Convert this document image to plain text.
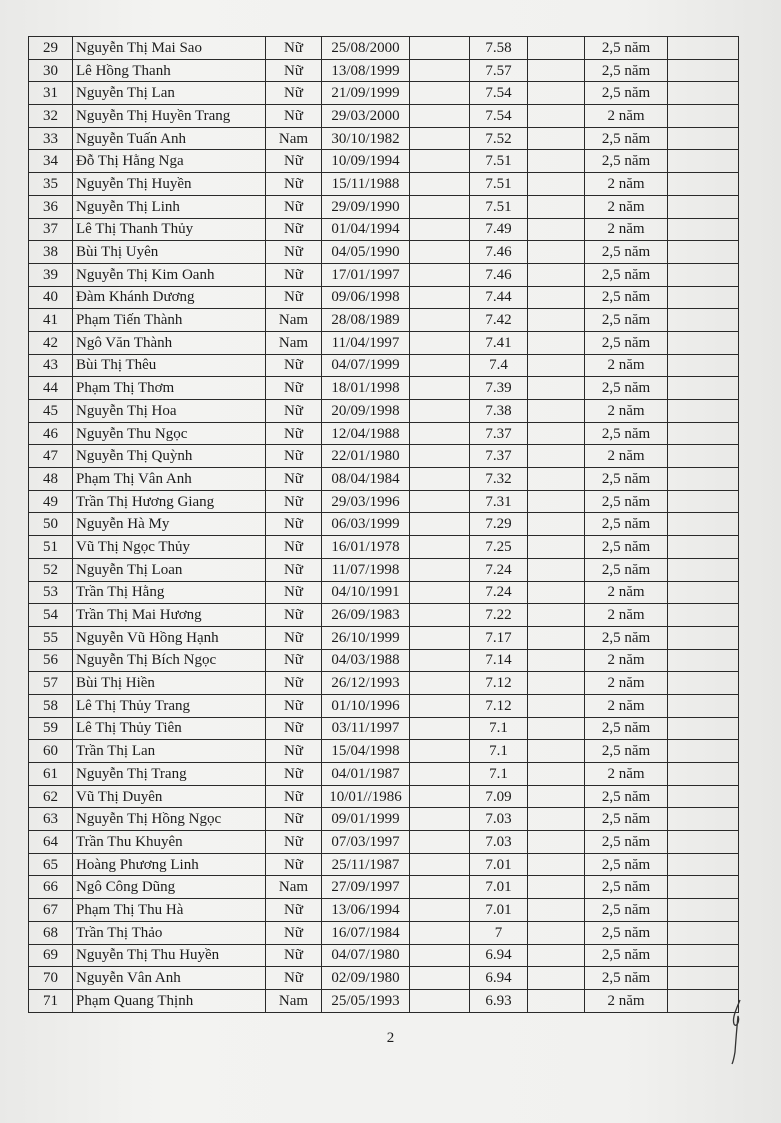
29	Nguyễn Thị Mai Sao	Nữ	25/08/2000		7.58		2,5 năm	
30	Lê Hồng Thanh	Nữ	13/08/1999		7.57		2,5 năm	
31	Nguyễn Thị Lan	Nữ	21/09/1999		7.54		2,5 năm	
32	Nguyễn Thị Huyền Trang	Nữ	29/03/2000		7.54		2 năm	
33	Nguyễn Tuấn Anh	Nam	30/10/1982		7.52		2,5 năm	
34	Đỗ Thị Hằng Nga	Nữ	10/09/1994		7.51		2,5 năm	
35	Nguyễn Thị Huyền	Nữ	15/11/1988		7.51		2 năm	
36	Nguyễn Thị Linh	Nữ	29/09/1990		7.51		2 năm	
37	Lê Thị Thanh Thủy	Nữ	01/04/1994		7.49		2 năm	
38	Bùi Thị Uyên	Nữ	04/05/1990		7.46		2,5 năm	
39	Nguyễn Thị Kim Oanh	Nữ	17/01/1997		7.46		2,5 năm	
40	Đàm Khánh Dương	Nữ	09/06/1998		7.44		2,5 năm	
41	Phạm Tiến Thành	Nam	28/08/1989		7.42		2,5 năm	
42	Ngô Văn Thành	Nam	11/04/1997		7.41		2,5 năm	
43	Bùi Thị Thêu	Nữ	04/07/1999		7.4		2 năm	
44	Phạm Thị Thơm	Nữ	18/01/1998		7.39		2,5 năm	
45	Nguyễn Thị Hoa	Nữ	20/09/1998		7.38		2 năm	
46	Nguyễn Thu Ngọc	Nữ	12/04/1988		7.37		2,5 năm	
47	Nguyễn Thị Quỳnh	Nữ	22/01/1980		7.37		2 năm	
48	Phạm Thị Vân Anh	Nữ	08/04/1984		7.32		2,5 năm	
49	Trần Thị Hương Giang	Nữ	29/03/1996		7.31		2,5 năm	
50	Nguyễn Hà My	Nữ	06/03/1999		7.29		2,5 năm	
51	Vũ Thị Ngọc Thủy	Nữ	16/01/1978		7.25		2,5 năm	
52	Nguyễn Thị Loan	Nữ	11/07/1998		7.24		2,5 năm	
53	Trần Thị Hằng	Nữ	04/10/1991		7.24		2 năm	
54	Trần Thị Mai Hương	Nữ	26/09/1983		7.22		2 năm	
55	Nguyễn Vũ Hồng Hạnh	Nữ	26/10/1999		7.17		2,5 năm	
56	Nguyễn Thị Bích Ngọc	Nữ	04/03/1988		7.14		2 năm	
57	Bùi Thị Hiền	Nữ	26/12/1993		7.12		2 năm	
58	Lê Thị Thủy Trang	Nữ	01/10/1996		7.12		2 năm	
59	Lê Thị Thủy Tiên	Nữ	03/11/1997		7.1		2,5 năm	
60	Trần Thị Lan	Nữ	15/04/1998		7.1		2,5 năm	
61	Nguyễn Thị Trang	Nữ	04/01/1987		7.1		2 năm	
62	Vũ Thị Duyên	Nữ	10/01//1986		7.09		2,5 năm	
63	Nguyễn Thị Hồng Ngọc	Nữ	09/01/1999		7.03		2,5 năm	
64	Trần Thu Khuyên	Nữ	07/03/1997		7.03		2,5 năm	
65	Hoàng Phương Linh	Nữ	25/11/1987		7.01		2,5 năm	
66	Ngô Công Dũng	Nam	27/09/1997		7.01		2,5 năm	
67	Phạm Thị Thu Hà	Nữ	13/06/1994		7.01		2,5 năm	
68	Trần Thị Thảo	Nữ	16/07/1984		7		2,5 năm	
69	Nguyễn Thị Thu Huyền	Nữ	04/07/1980		6.94		2,5 năm	
70	Nguyễn Vân Anh	Nữ	02/09/1980		6.94		2,5 năm	
71	Phạm Quang Thịnh	Nam	25/05/1993		6.93		2 năm	
2
